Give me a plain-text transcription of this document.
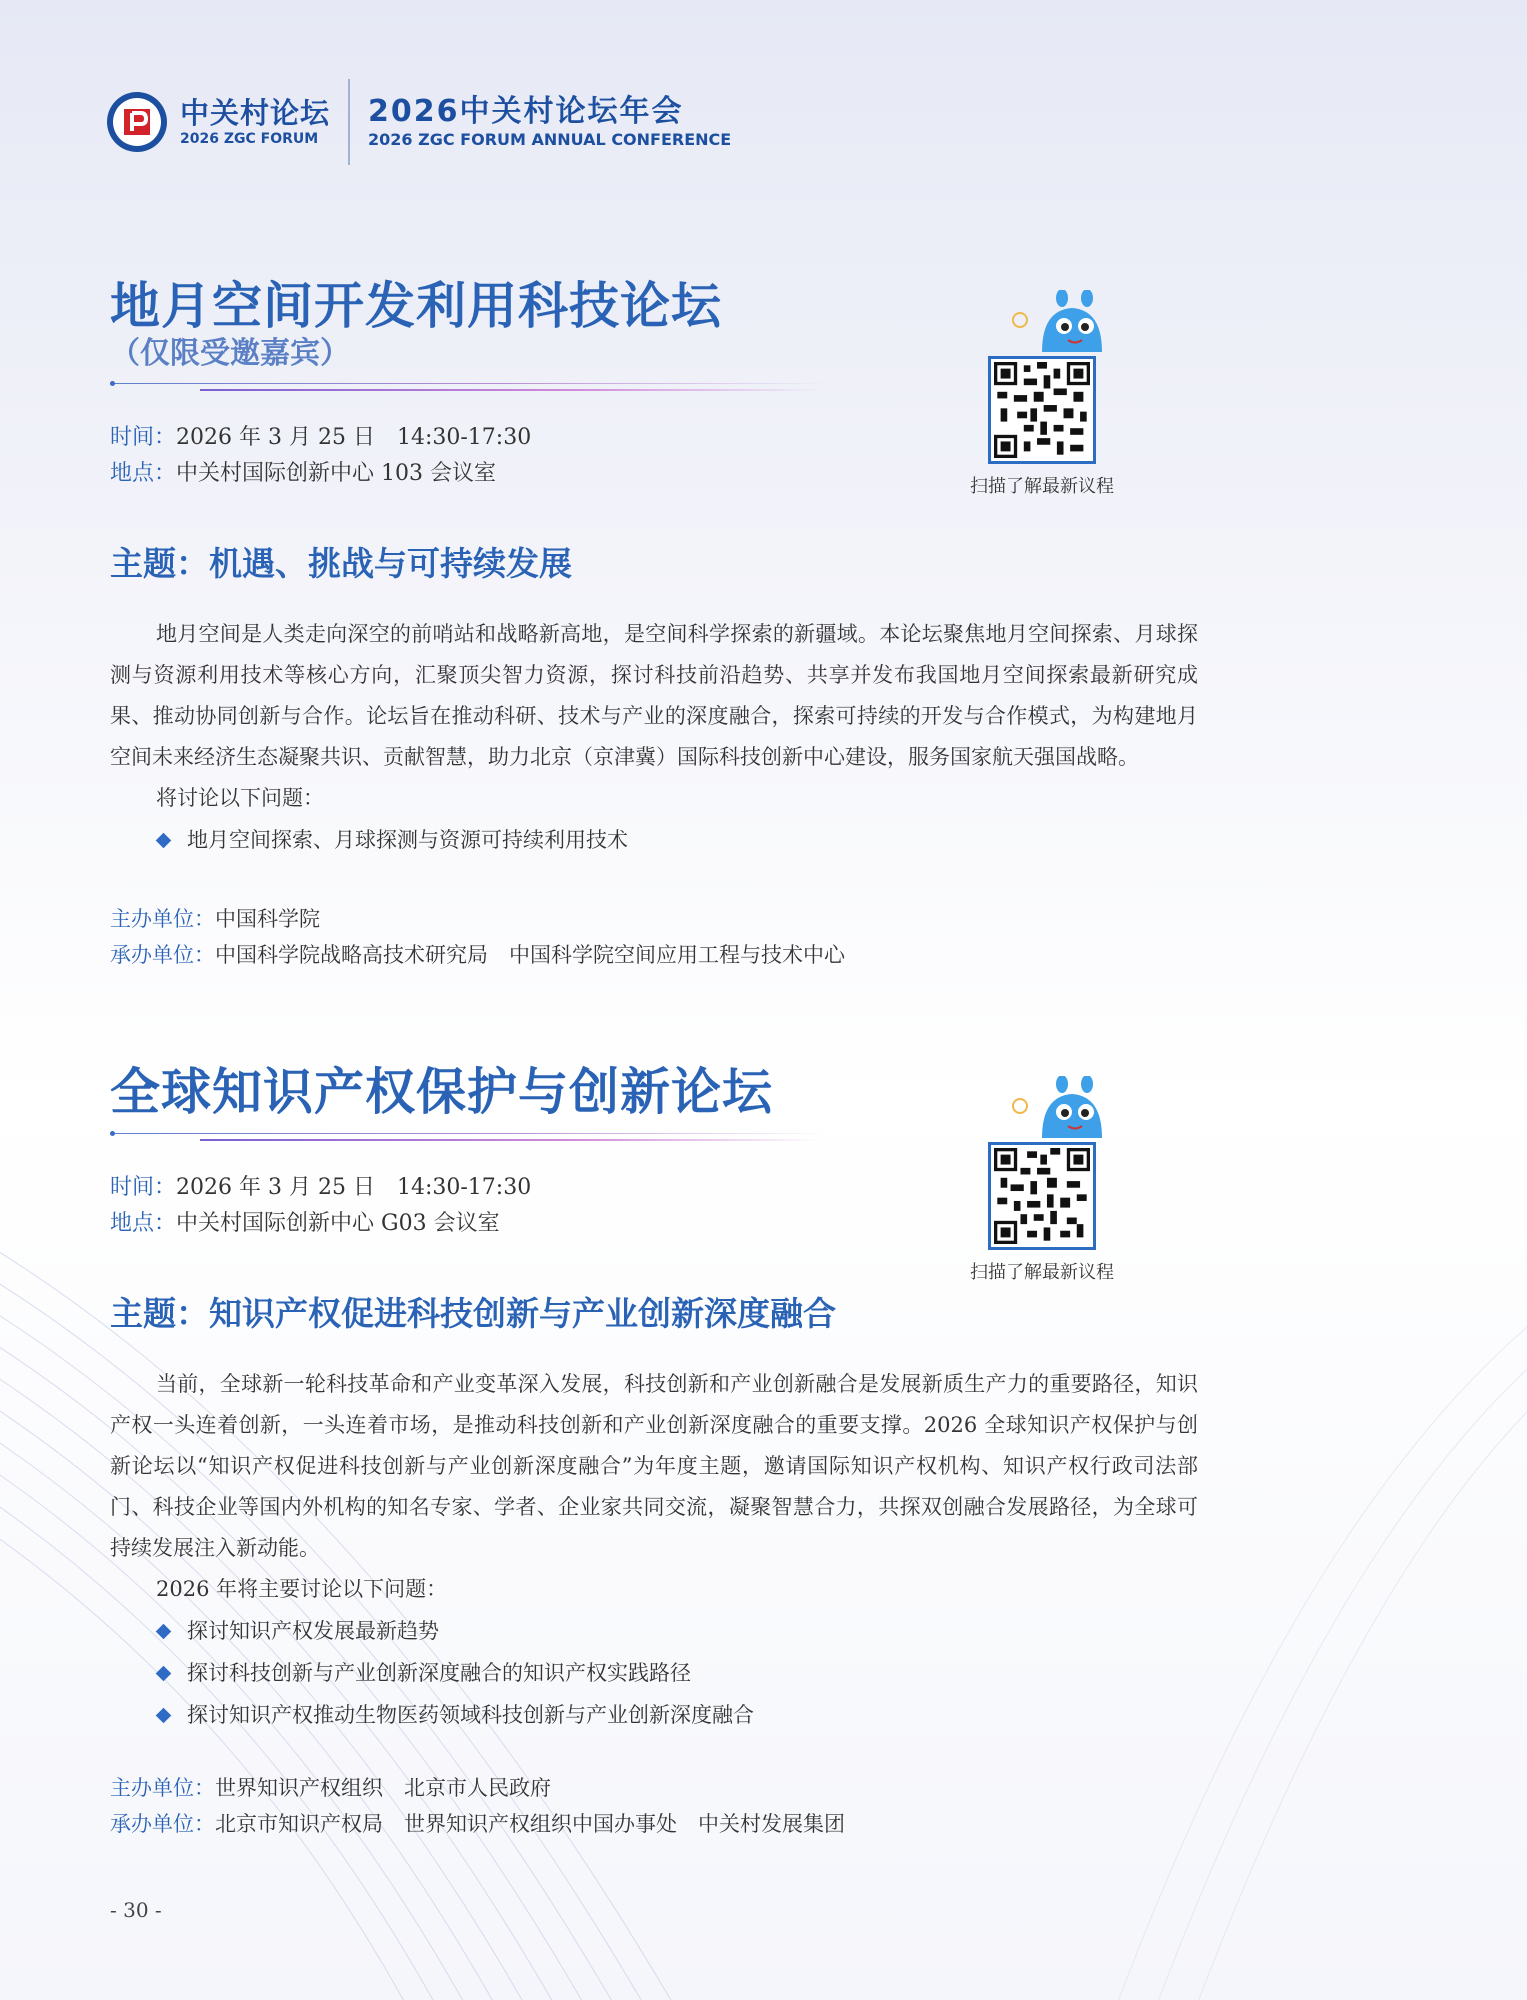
中关村论坛
2026 ZGC FORUM
2026中关村论坛年会
2026 ZGC FORUM ANNUAL CONFERENCE
地月空间开发利用科技论坛

（仅限受邀嘉宾）

时间： 2026 年 3 月 25 日　14:30-17:30
地点： 中关村国际创新中心 103 会议室
主题： 机遇、挑战与可持续发展

地月空间是人类走向深空的前哨站和战略新高地，是空间科学探索的新疆域。本论坛聚焦地月空间探索、月球探测与资源利用技术等核心方向，汇聚顶尖智力资源，探讨科技前沿趋势、共享并发布我国地月空间探索最新研究成果、推动协同创新与合作。论坛旨在推动科研、技术与产业的深度融合，探索可持续的开发与合作模式，为构建地月空间未来经济生态凝聚共识、贡献智慧，助力北京（京津冀）国际科技创新中心建设，服务国家航天强国战略。

将讨论以下问题：

地月空间探索、月球探测与资源可持续利用技术
主办单位：中国科学院
承办单位：中国科学院战略高技术研究局　中国科学院空间应用工程与技术中心
扫描了解最新议程
全球知识产权保护与创新论坛
时间： 2026 年 3 月 25 日　14:30-17:30
地点： 中关村国际创新中心 G03 会议室
主题： 知识产权促进科技创新与产业创新深度融合

当前，全球新一轮科技革命和产业变革深入发展，科技创新和产业创新融合是发展新质生产力的重要路径，知识产权一头连着创新，一头连着市场，是推动科技创新和产业创新深度融合的重要支撑。2026 全球知识产权保护与创新论坛以“知识产权促进科技创新与产业创新深度融合”为年度主题，邀请国际知识产权机构、知识产权行政司法部门、科技企业等国内外机构的知名专家、学者、企业家共同交流，凝聚智慧合力，共探双创融合发展路径，为全球可持续发展注入新动能。

2026 年将主要讨论以下问题：

探讨知识产权发展最新趋势
探讨科技创新与产业创新深度融合的知识产权实践路径
探讨知识产权推动生物医药领域科技创新与产业创新深度融合
主办单位：世界知识产权组织　北京市人民政府
承办单位：北京市知识产权局　世界知识产权组织中国办事处　中关村发展集团
扫描了解最新议程
- 30 -
